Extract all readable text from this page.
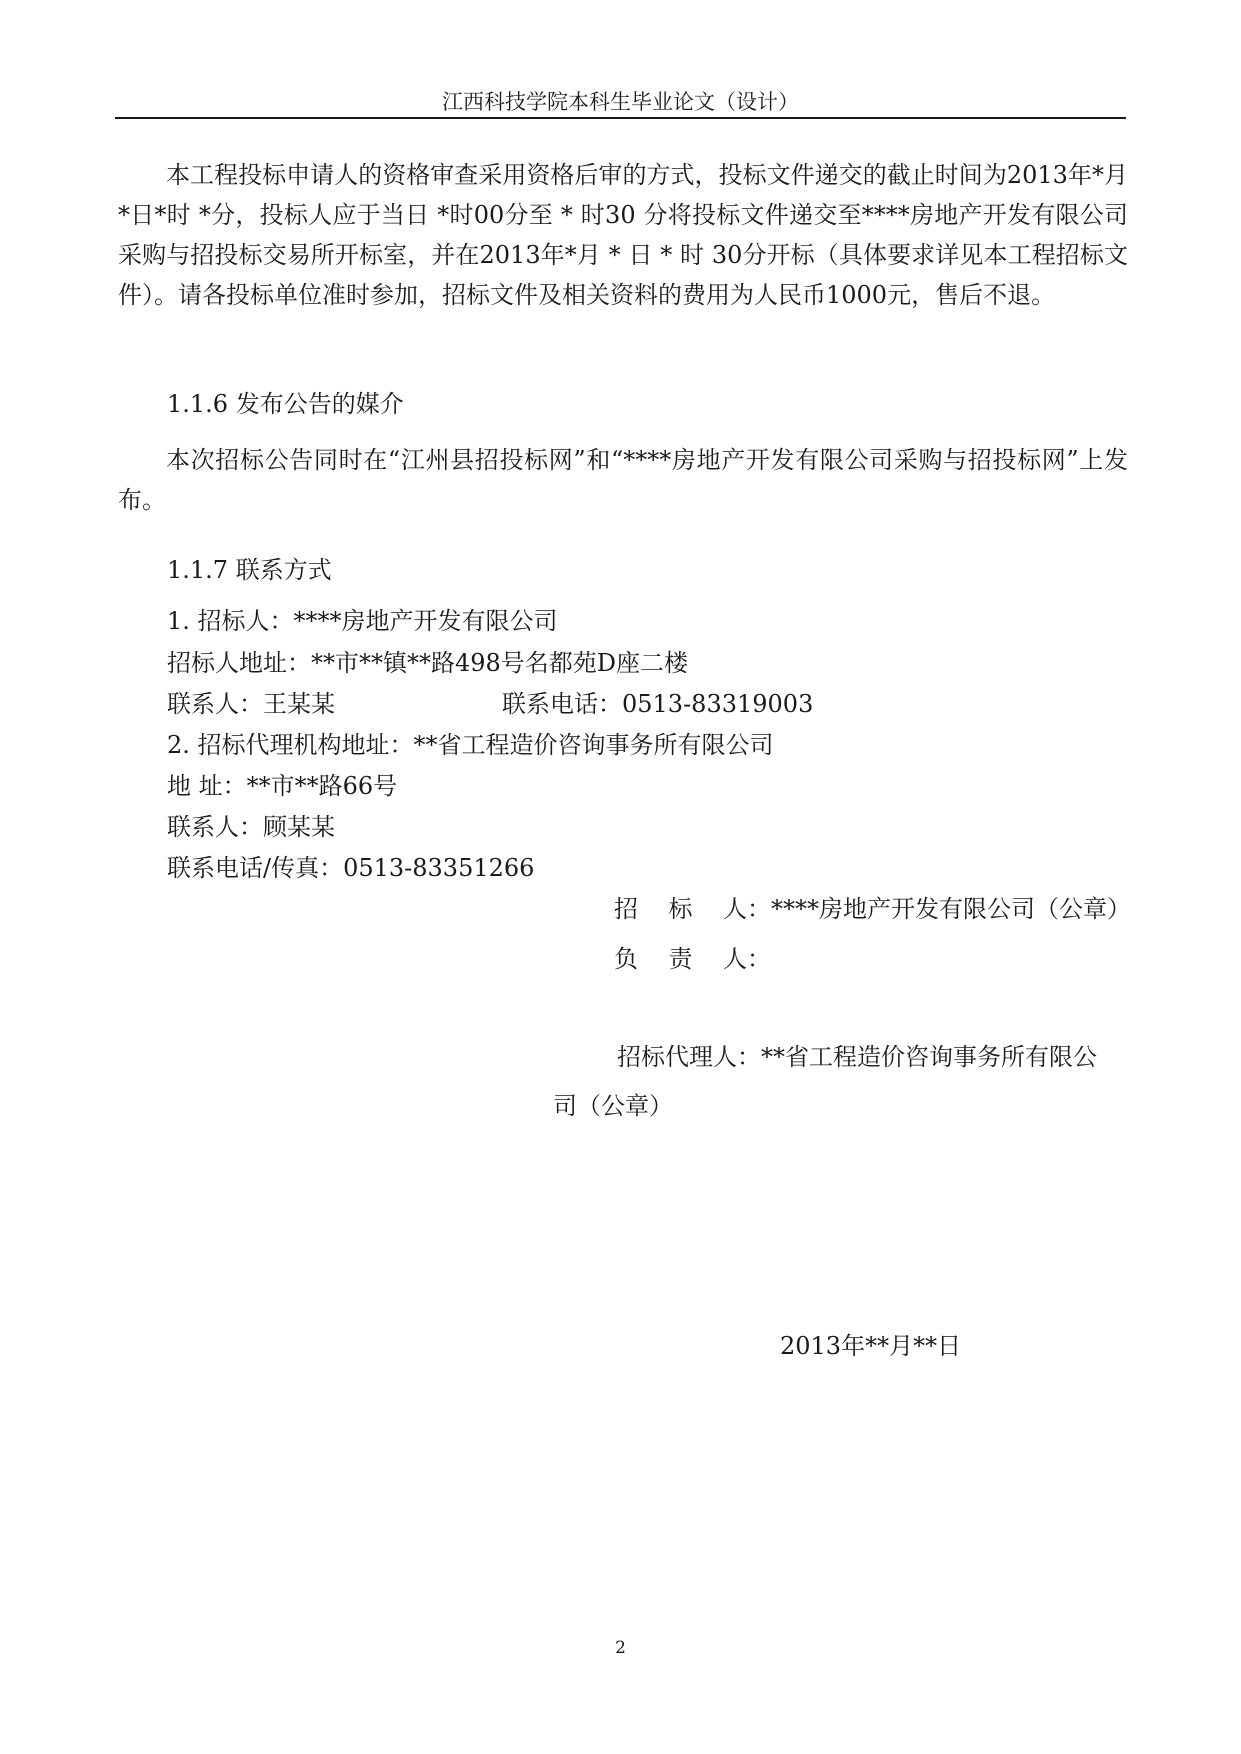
江西科技学院本科生毕业论文（设计）
本工程投标申请人的资格审查采用资格后审的方式，投标文件递交的截止时间为2013年*月 *日*时 *分，投标人应于当日 *时00分至 * 时30 分将投标文件递交至****房地产开发有限公司采购与招投标交易所开标室，并在2013年*月 * 日 * 时 30分开标（具体要求详见本工程招标文件）。请各投标单位准时参加，招标文件及相关资料的费用为人民币1000元，售后不退。
1.1.6 发布公告的媒介
本次招标公告同时在“江州县招投标网”和“****房地产开发有限公司采购与招投标网”上发布。
1.1.7 联系方式
1. 招标人：****房地产开发有限公司
招标人地址：**市**镇**路498号名都苑D座二楼
联系人：王某某	联系电话：0513-83319003
2. 招标代理机构地址：**省工程造价咨询事务所有限公司
地 址：**市**路66号
联系人：顾某某
联系电话/传真：0513-83351266
招    标    人：****房地产开发有限公司（公章）
负    责    人：
招标代理人：**省工程造价咨询事务所有限公
司（公章）
2013年**月**日
2
